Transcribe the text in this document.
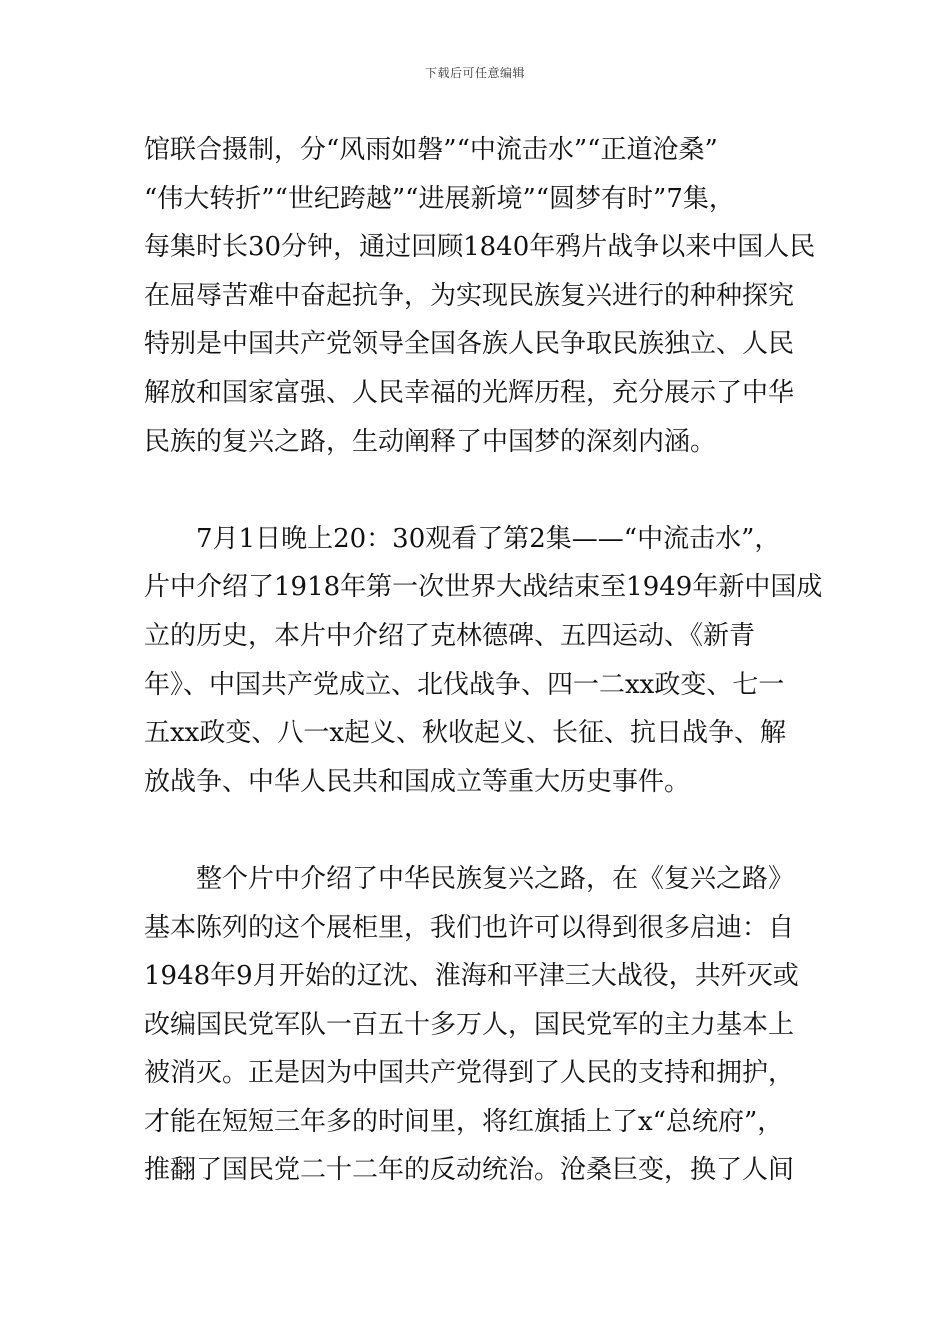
下载后可任意编辑
馆联合摄制，分“风雨如磐”“中流击水”“正道沧桑”
“伟大转折”“世纪跨越”“进展新境”“圆梦有时”7集，
每集时长30分钟，通过回顾1840年鸦片战争以来中国人民
在屈辱苦难中奋起抗争，为实现民族复兴进行的种种探究
特别是中国共产党领导全国各族人民争取民族独立、人民
解放和国家富强、人民幸福的光辉历程，充分展示了中华
民族的复兴之路，生动阐释了中国梦的深刻内涵。
7月1日晚上20：30观看了第2集——“中流击水”，
片中介绍了1918年第一次世界大战结束至1949年新中国成
立的历史，本片中介绍了克林德碑、五四运动、《新青
年》、中国共产党成立、北伐战争、四一二xx政变、七一
五xx政变、八一x起义、秋收起义、长征、抗日战争、解
放战争、中华人民共和国成立等重大历史事件。
整个片中介绍了中华民族复兴之路，在《复兴之路》
基本陈列的这个展柜里，我们也许可以得到很多启迪：自
1948年9月开始的辽沈、淮海和平津三大战役，共歼灭或
改编国民党军队一百五十多万人，国民党军的主力基本上
被消灭。正是因为中国共产党得到了人民的支持和拥护，
才能在短短三年多的时间里，将红旗插上了x“总统府”，
推翻了国民党二十二年的反动统治。沧桑巨变，换了人间
